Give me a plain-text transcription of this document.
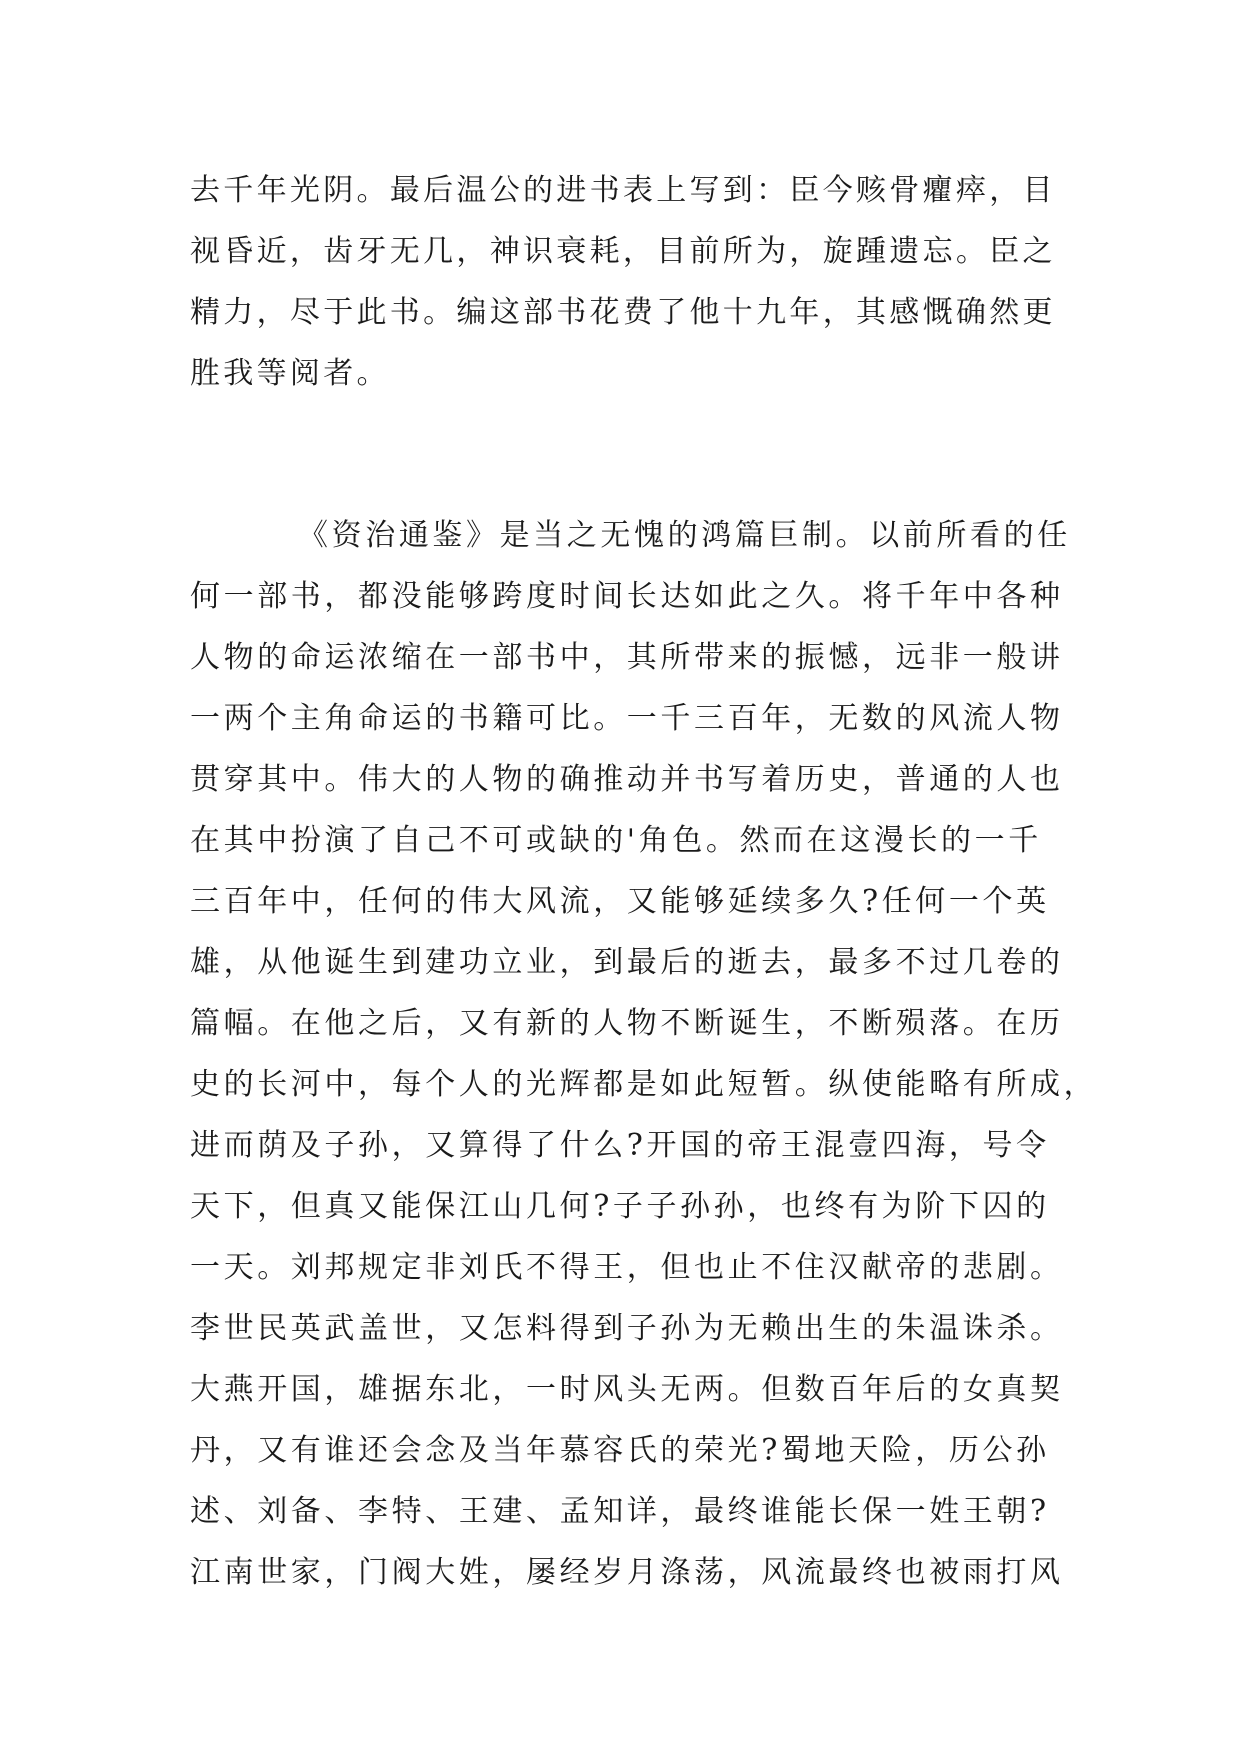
去千年光阴。最后温公的进书表上写到：臣今赅骨癯瘁，目
视昏近，齿牙无几，神识衰耗，目前所为，旋踵遗忘。臣之
精力，尽于此书。编这部书花费了他十九年，其感慨确然更
胜我等阅者。
《资治通鉴》是当之无愧的鸿篇巨制。以前所看的任
何一部书，都没能够跨度时间长达如此之久。将千年中各种
人物的命运浓缩在一部书中，其所带来的振憾，远非一般讲
一两个主角命运的书籍可比。一千三百年，无数的风流人物
贯穿其中。伟大的人物的确推动并书写着历史，普通的人也
在其中扮演了自己不可或缺的'角色。然而在这漫长的一千
三百年中，任何的伟大风流，又能够延续多久?任何一个英
雄，从他诞生到建功立业，到最后的逝去，最多不过几卷的
篇幅。在他之后，又有新的人物不断诞生，不断殒落。在历
史的长河中，每个人的光辉都是如此短暂。纵使能略有所成，
进而荫及子孙，又算得了什么?开国的帝王混壹四海，号令
天下，但真又能保江山几何?子子孙孙，也终有为阶下囚的
一天。刘邦规定非刘氏不得王，但也止不住汉献帝的悲剧。
李世民英武盖世，又怎料得到子孙为无赖出生的朱温诛杀。
大燕开国，雄据东北，一时风头无两。但数百年后的女真契
丹，又有谁还会念及当年慕容氏的荣光?蜀地天险，历公孙
述、刘备、李特、王建、孟知详，最终谁能长保一姓王朝?
江南世家，门阀大姓，屡经岁月涤荡，风流最终也被雨打风
